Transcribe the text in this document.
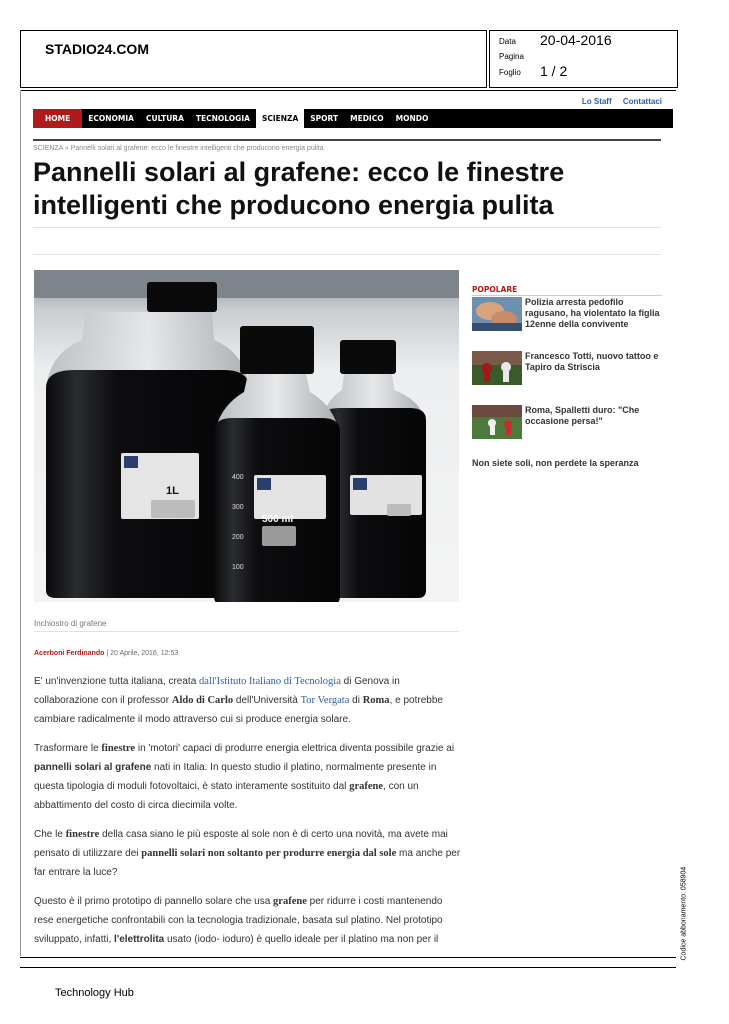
STADIO24.COM	Data 20-04-2016
Pagina
Foglio 1 / 2
Lo Staff Contattaci
HOME	ECONOMIA	CULTURA	TECNOLOGIA	SCIENZA	SPORT	MEDICO	MONDO
SCIENZA » Pannelli solari al grafene: ecco le finestre intelligenti che producono energia pulita
Pannelli solari al grafene: ecco le finestre intelligenti che producono energia pulita
1L
500 ml
400
300
200
100
Inchiostro di grafene
Acerboni Ferdinando | 20 Aprile, 2016, 12:53

E' un'invenzione tutta italiana, creata dall'Istituto Italiano di Tecnologia di Genova in collaborazione con il professor Aldo di Carlo dell'Università Tor Vergata di Roma, e potrebbe cambiare radicalmente il modo attraverso cui si produce energia solare.

Trasformare le finestre in 'motori' capaci di produrre energia elettrica diventa possibile grazie ai pannelli solari al grafene nati in Italia. In questo studio il platino, normalmente presente in questa tipologia di moduli fotovoltaici, è stato interamente sostituito dal grafene, con un abbattimento del costo di circa diecimila volte.

Che le finestre della casa siano le più esposte al sole non è di certo una novità, ma avete mai pensato di utilizzare dei pannelli solari non soltanto per produrre energia dal sole ma anche per far entrare la luce?

Questo è il primo prototipo di pannello solare che usa grafene per ridurre i costi mantenendo rese energetiche confrontabili con la tecnologia tradizionale, basata sul platino. Nel prototipo sviluppato, infatti, l'elettrolita usato (iodo- ioduro) è quello ideale per il platino ma non per il

POPOLARE
Polizia arresta pedofilo ragusano, ha violentato la figlia 12enne della convivente
Francesco Totti, nuovo tattoo e Tapiro da Striscia
Roma, Spalletti duro: "Che occasione persa!"
Non siete soli, non perdete la speranza
Codice abbonamento: 058904
Technology Hub
